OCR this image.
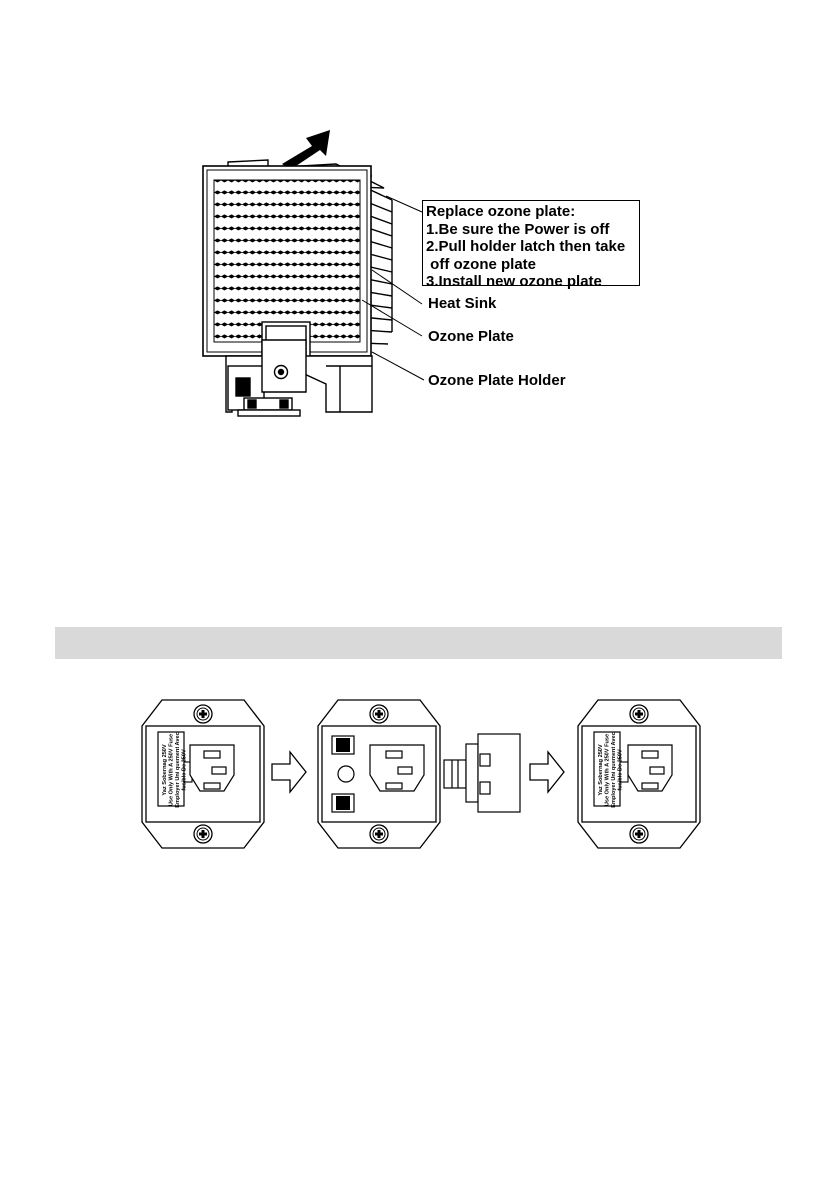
Replace ozone plate:
1.Be sure the Power is off
2.Pull holder latch then take
off ozone plate
3.Install new ozone plate
Heat Sink
Ozone Plate
Ozone Plate Holder
Yaz Sobernag 250V Use Only With A 250V Fuse Employer Uni quement Avec fusible De 250V	Yaz Sobernag 250V Use Only With A 250V Fuse Employer Uni quement Avec fusible De 250V
